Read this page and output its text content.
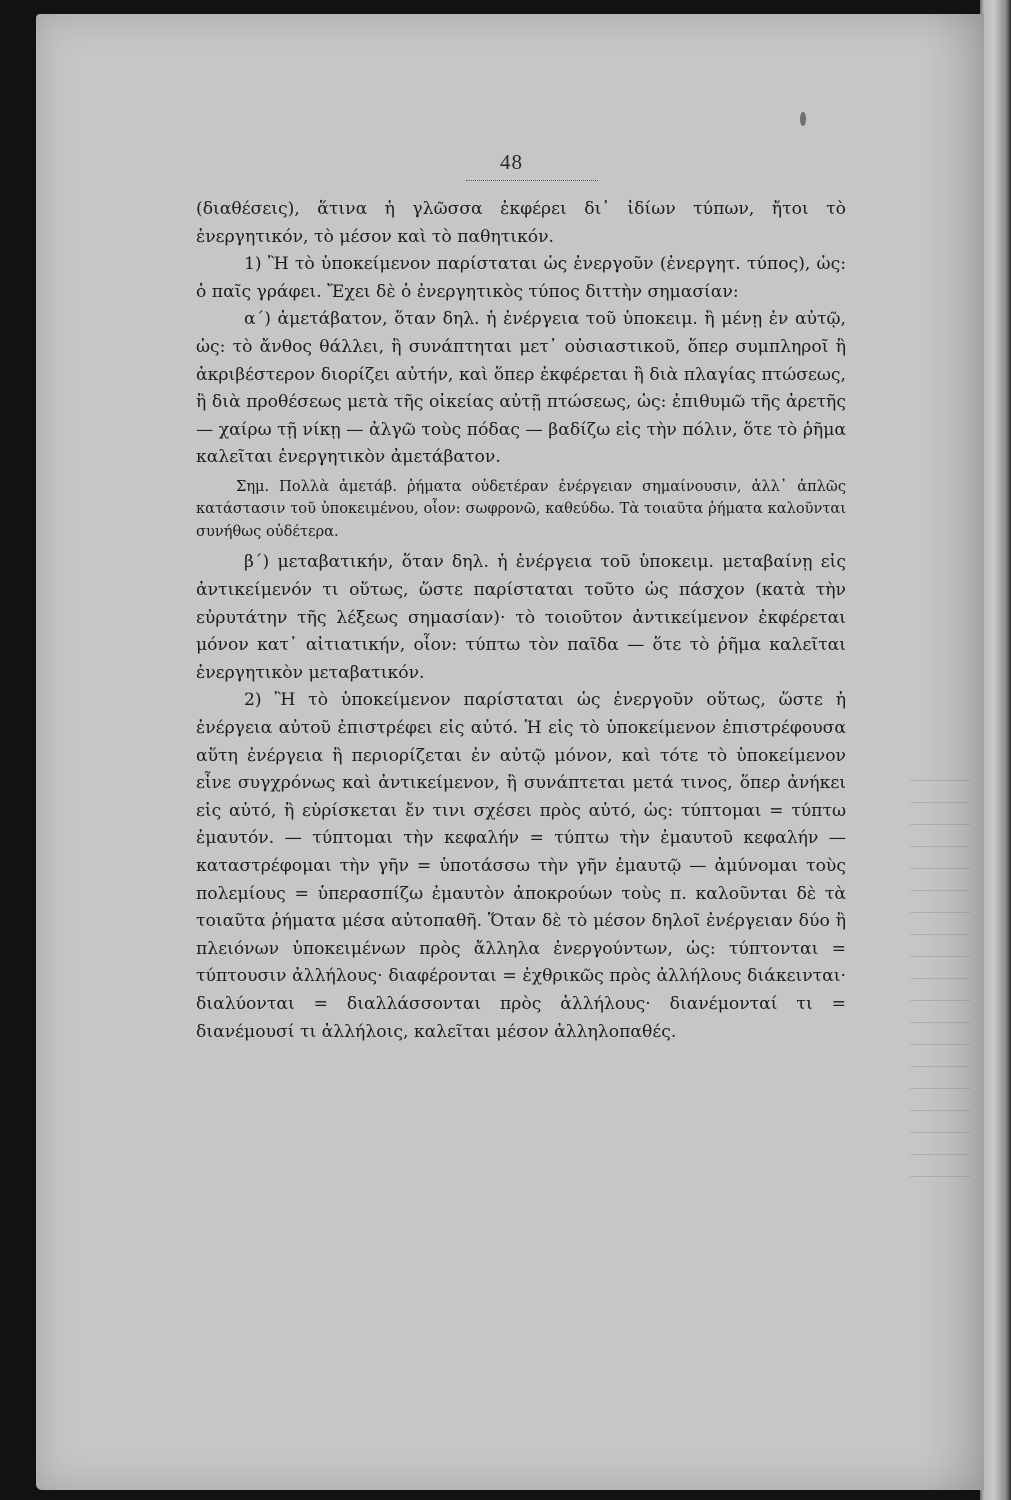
48

(διαθέσεις), ἅτινα ἡ γλῶσσα ἐκφέρει δι᾽ ἰδίων τύπων, ἤτοι τὸ ἐνεργητικόν, τὸ μέσον καὶ τὸ παθητικόν.

1) Ἢ τὸ ὑποκείμενον παρίσταται ὡς ἐνεργοῦν (ἐνεργητ. τύπος), ὡς: ὁ παῖς γράφει. Ἔχει δὲ ὁ ἐνεργητικὸς τύπος διττὴν σημασίαν:

α΄) ἀμετάβατον, ὅταν δηλ. ἡ ἐνέργεια τοῦ ὑποκειμ. ἢ μένῃ ἐν αὐτῷ, ὡς: τὸ ἄνθος θάλλει, ἢ συνάπτηται μετ᾽ οὐσιαστικοῦ, ὅπερ συμπληροῖ ἢ ἀκριβέστερον διορίζει αὐτήν, καὶ ὅπερ ἐκφέρεται ἢ διὰ πλαγίας πτώσεως, ἢ διὰ προθέσεως μετὰ τῆς οἰκείας αὐτῇ πτώσεως, ὡς: ἐπιθυμῶ τῆς ἀρετῆς — χαίρω τῇ νίκῃ — ἀλγῶ τοὺς πόδας — βαδίζω εἰς τὴν πόλιν, ὅτε τὸ ῥῆμα καλεῖται ἐνεργητικὸν ἀμετάβατον.

Σημ. Πολλὰ ἀμετάβ. ῥήματα οὐδετέραν ἐνέργειαν σημαίνουσιν, ἀλλ᾽ ἁπλῶς κατάστασιν τοῦ ὑποκειμένου, οἷον: σωφρονῶ, καθεύδω. Τὰ τοιαῦτα ῥήματα καλοῦνται συνήθως οὐδέτερα.

β΄) μεταβατικήν, ὅταν δηλ. ἡ ἐνέργεια τοῦ ὑποκειμ. μεταβαίνῃ εἰς ἀντικείμενόν τι οὕτως, ὥστε παρίσταται τοῦτο ὡς πάσχον (κατὰ τὴν εὐρυτάτην τῆς λέξεως σημασίαν)· τὸ τοιοῦτον ἀντικείμενον ἐκφέρεται μόνον κατ᾽ αἰτιατικήν, οἷον: τύπτω τὸν παῖδα — ὅτε τὸ ῥῆμα καλεῖται ἐνεργητικὸν μεταβατικόν.

2) Ἢ τὸ ὑποκείμενον παρίσταται ὡς ἐνεργοῦν οὕτως, ὥστε ἡ ἐνέργεια αὐτοῦ ἐπιστρέφει εἰς αὐτό. Ἡ εἰς τὸ ὑποκείμενον ἐπιστρέφουσα αὕτη ἐνέργεια ἢ περιορίζεται ἐν αὐτῷ μόνον, καὶ τότε τὸ ὑποκείμενον εἶνε συγχρόνως καὶ ἀντικείμενον, ἢ συνάπτεται μετά τινος, ὅπερ ἀνήκει εἰς αὐτό, ἢ εὑρίσκεται ἔν τινι σχέσει πρὸς αὐτό, ὡς: τύπτομαι = τύπτω ἐμαυτόν. — τύπτομαι τὴν κεφαλήν = τύπτω τὴν ἐμαυτοῦ κεφαλήν — καταστρέφομαι τὴν γῆν = ὑποτάσσω τὴν γῆν ἐμαυτῷ — ἀμύνομαι τοὺς πολεμίους = ὑπερασπίζω ἐμαυτὸν ἀποκρούων τοὺς π. καλοῦνται δὲ τὰ τοιαῦτα ῥήματα μέσα αὐτοπαθῆ. Ὅταν δὲ τὸ μέσον δηλοῖ ἐνέργειαν δύο ἢ πλειόνων ὑποκειμένων πρὸς ἄλληλα ἐνεργούντων, ὡς: τύπτονται = τύπτουσιν ἀλλήλους· διαφέρονται = ἐχθρικῶς πρὸς ἀλλήλους διάκεινται· διαλύονται = διαλλάσσονται πρὸς ἀλλήλους· διανέμονταί τι = διανέμουσί τι ἀλλήλοις, καλεῖται μέσον ἀλληλοπαθές.
